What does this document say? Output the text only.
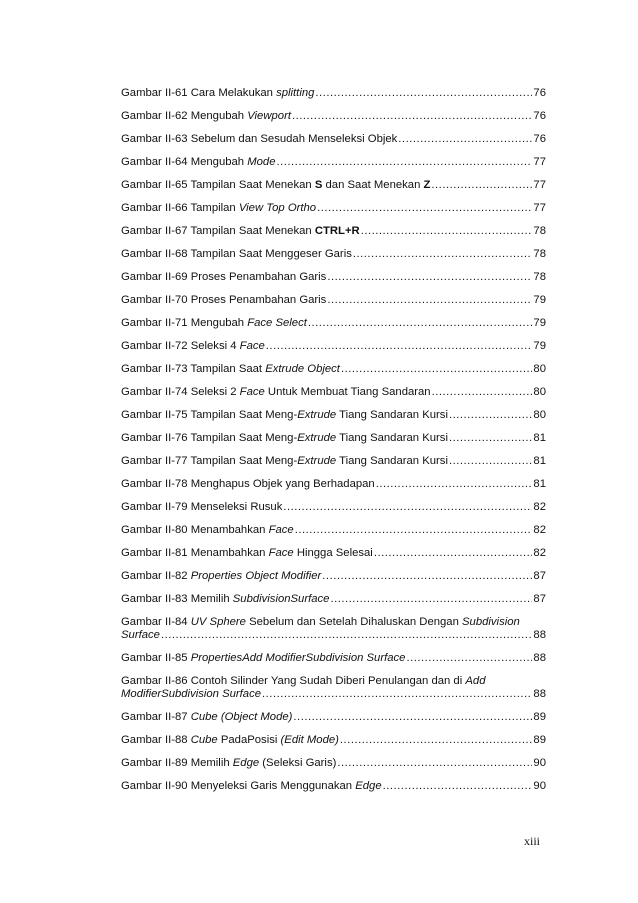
Gambar II-61 Cara Melakukan splitting .....	76
Gambar II-62 Mengubah Viewport .....	76
Gambar II-63 Sebelum dan Sesudah Menseleksi Objek .....	76
Gambar II-64 Mengubah Mode .....	77
Gambar II-65 Tampilan Saat Menekan S dan Saat Menekan Z .....	77
Gambar II-66 Tampilan View Top Ortho .....	77
Gambar II-67 Tampilan Saat Menekan CTRL+R .....	78
Gambar II-68 Tampilan Saat Menggeser Garis .....	78
Gambar II-69 Proses Penambahan Garis .....	78
Gambar II-70 Proses Penambahan Garis .....	79
Gambar II-71 Mengubah Face Select .....	79
Gambar II-72 Seleksi 4 Face .....	79
Gambar II-73 Tampilan Saat Extrude Object .....	80
Gambar II-74 Seleksi 2 Face Untuk Membuat Tiang Sandaran .....	80
Gambar II-75 Tampilan Saat Meng-Extrude Tiang Sandaran Kursi .....	80
Gambar II-76 Tampilan Saat Meng-Extrude Tiang Sandaran Kursi .....	81
Gambar II-77 Tampilan Saat Meng-Extrude Tiang Sandaran Kursi .....	81
Gambar II-78 Menghapus Objek yang Berhadapan .....	81
Gambar II-79 Menseleksi Rusuk .....	82
Gambar II-80 Menambahkan Face .....	82
Gambar II-81 Menambahkan Face Hingga Selesai .....	82
Gambar II-82 Properties Object Modifier .....	87
Gambar II-83 Memilih SubdivisionSurface .....	87
Gambar II-84 UV Sphere Sebelum dan Setelah Dihaluskan Dengan Subdivision
Surface .....	88
Gambar II-85 PropertiesAdd ModifierSubdivision Surface .....	88
Gambar II-86 Contoh Silinder Yang Sudah Diberi Penulangan dan di Add
ModifierSubdivision Surface .....	88
Gambar II-87 Cube (Object Mode) .....	89
Gambar II-88 Cube PadaPosisi (Edit Mode) .....	89
Gambar II-89 Memilih Edge (Seleksi Garis) .....	90
Gambar II-90 Menyeleksi Garis Menggunakan Edge .....	90
xiii
